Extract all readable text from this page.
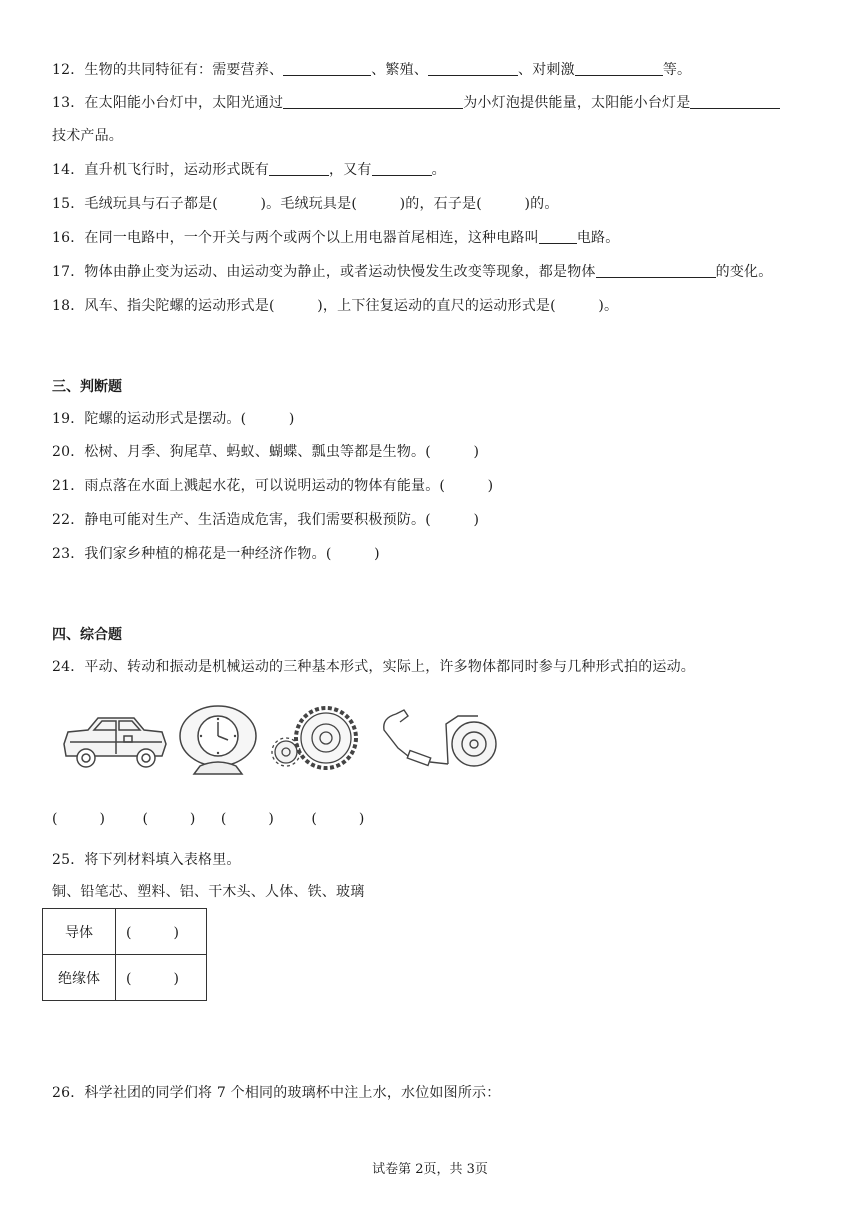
12．生物的共同特征有：需要营养、	、繁殖、	、对刺激	等。
13．在太阳能小台灯中，太阳光通过	为小灯泡提供能量，太阳能小台灯是
技术产品。
14．直升机飞行时，运动形式既有	，又有	。
15．毛绒玩具与石子都是(　　　)。毛绒玩具是(　　　)的，石子是(　　　)的。
16．在同一电路中，一个开关与两个或两个以上用电器首尾相连，这种电路叫	电路。
17．物体由静止变为运动、由运动变为静止，或者运动快慢发生改变等现象，都是物体	的变化。
18．风车、指尖陀螺的运动形式是(　　　)，上下往复运动的直尺的运动形式是(　　　)。
三、判断题
19．陀螺的运动形式是摆动。(　　　)
20．松树、月季、狗尾草、蚂蚁、蝴蝶、瓢虫等都是生物。(　　　)
21．雨点落在水面上溅起水花，可以说明运动的物体有能量。(　　　)
22．静电可能对生产、生活造成危害，我们需要积极预防。(　　　)
23．我们家乡种植的棉花是一种经济作物。(　　　)
四、综合题
24．平动、转动和振动是机械运动的三种基本形式，实际上，许多物体都同时参与几种形式拍的运动。
(　　　)	(　　　) (　　　)	(　　　)
25．将下列材料填入表格里。
铜、铅笔芯、塑料、铝、干木头、人体、铁、玻璃
导体	(　　　)
绝缘体	(　　　)
26．科学社团的同学们将 7 个相同的玻璃杯中注上水，水位如图所示：
试卷第 2页，共 3页
